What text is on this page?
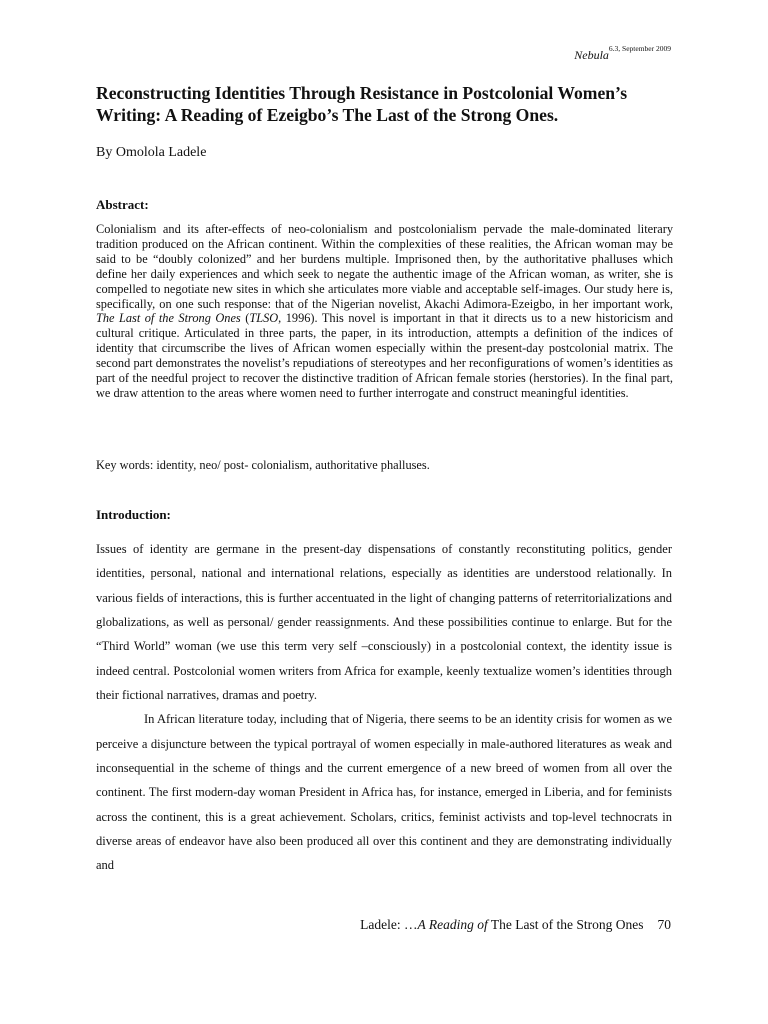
Nebula$^{6.3, September 2009}$
Reconstructing Identities Through Resistance in Postcolonial Women’s Writing: A Reading of Ezeigbo’s The Last of the Strong Ones.

By Omolola Ladele

Abstract:

Colonialism and its after-effects of neo-colonialism and postcolonialism pervade the male-dominated literary tradition produced on the African continent. Within the complexities of these realities, the African woman may be said to be “doubly colonized” and her burdens multiple. Imprisoned then, by the authoritative phalluses which define her daily experiences and which seek to negate the authentic image of the African woman, as writer, she is compelled to negotiate new sites in which she articulates more viable and acceptable self-images. Our study here is, specifically, on one such response: that of the Nigerian novelist, Akachi Adimora-Ezeigbo, in her important work, The Last of the Strong Ones (TLSO, 1996). This novel is important in that it directs us to a new historicism and cultural critique. Articulated in three parts, the paper, in its introduction, attempts a definition of the indices of identity that circumscribe the lives of African women especially within the present-day postcolonial matrix. The second part demonstrates the novelist’s repudiations of stereotypes and her reconfigurations of women’s identities as part of the needful project to recover the distinctive tradition of African female stories (herstories). In the final part, we draw attention to the areas where women need to further interrogate and construct meaningful identities.

Key words: identity, neo/ post- colonialism, authoritative phalluses.

Introduction:

Issues of identity are germane in the present-day dispensations of constantly reconstituting politics, gender identities, personal, national and international relations, especially as identities are understood relationally. In various fields of interactions, this is further accentuated in the light of changing patterns of reterritorializations and globalizations, as well as personal/ gender reassignments. And these possibilities continue to enlarge. But for the “Third World” woman (we use this term very self –consciously) in a postcolonial context, the identity issue is indeed central. Postcolonial women writers from Africa for example, keenly textualize women’s identities through their fictional narratives, dramas and poetry.

In African literature today, including that of Nigeria, there seems to be an identity crisis for women as we perceive a disjuncture between the typical portrayal of women especially in male-authored literatures as weak and inconsequential in the scheme of things and the current emergence of a new breed of women from all over the continent. The first modern-day woman President in Africa has, for instance, emerged in Liberia, and for feminists across the continent, this is a great achievement. Scholars, critics, feminist activists and top-level technocrats in diverse areas of endeavor have also been produced all over this continent and they are demonstrating individually and

Ladele: …A Reading of The Last of the Strong Ones 70
